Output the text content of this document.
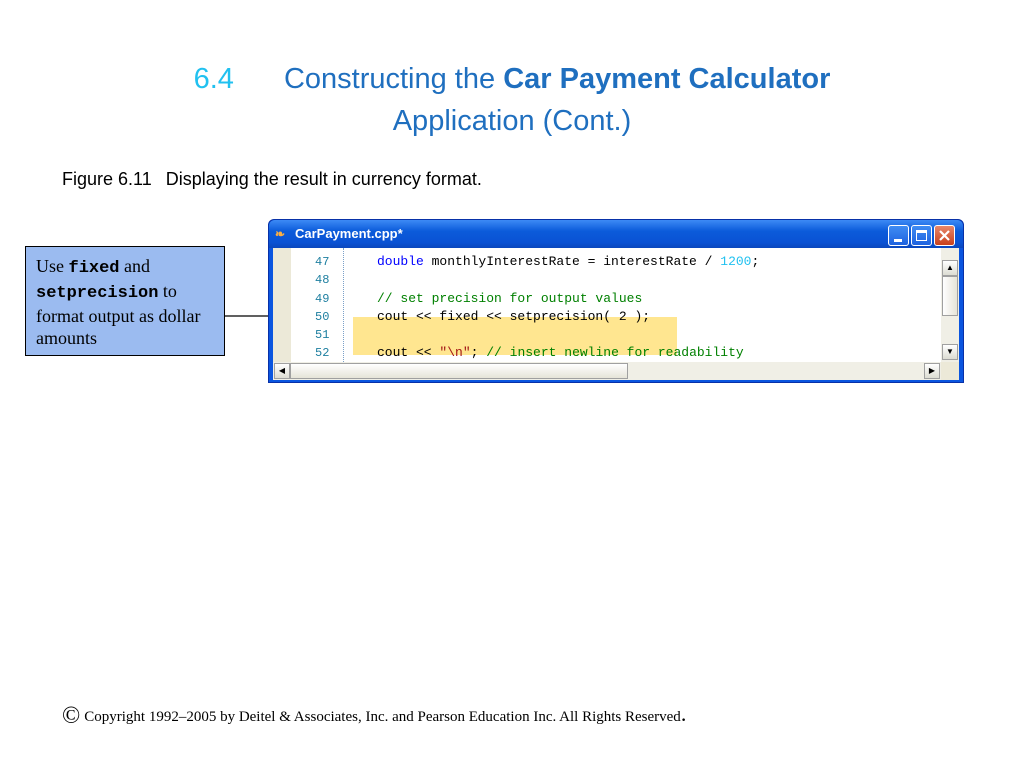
6.4 Constructing the Car Payment Calculator
Application (Cont.)
Figure 6.11 Displaying the result in currency format.
Use fixed and
setprecision to format output as dollar amounts
❧ CarPayment.cpp*
47	double monthlyInterestRate = interestRate / 1200;
48
49	// set precision for output values
50	cout << fixed << setprecision( 2 );
51
52	cout << "\n"; // insert newline for readability
▲
▼
◀	▶
© Copyright 1992–2005 by Deitel & Associates, Inc. and Pearson Education Inc. All Rights Reserved.
